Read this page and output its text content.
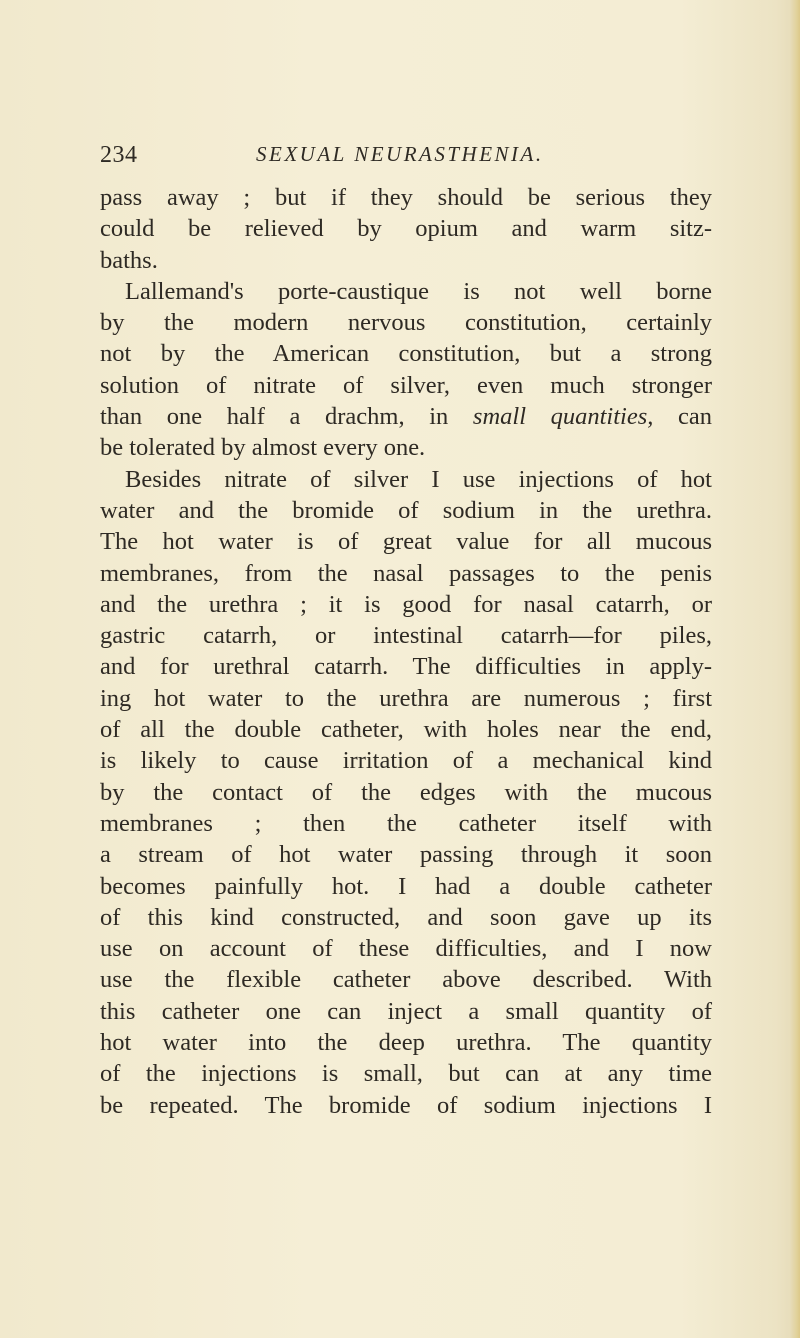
234	SEXUAL NEURASTHENIA.
pass away ; but if they should be serious they
could be relieved by opium and warm sitz-
baths.
Lallemand's porte-caustique is not well borne
by the modern nervous constitution, certainly
not by the American constitution, but a strong
solution of nitrate of silver, even much stronger
than one half a drachm, in small quantities, can
be tolerated by almost every one.
Besides nitrate of silver I use injections of hot
water and the bromide of sodium in the urethra.
The hot water is of great value for all mucous
membranes, from the nasal passages to the penis
and the urethra ; it is good for nasal catarrh, or
gastric catarrh, or intestinal catarrh—for piles,
and for urethral catarrh. The difficulties in apply-
ing hot water to the urethra are numerous ; first
of all the double catheter, with holes near the end,
is likely to cause irritation of a mechanical kind
by the contact of the edges with the mucous
membranes ; then the catheter itself with
a stream of hot water passing through it soon
becomes painfully hot. I had a double catheter
of this kind constructed, and soon gave up its
use on account of these difficulties, and I now
use the flexible catheter above described. With
this catheter one can inject a small quantity of
hot water into the deep urethra. The quantity
of the injections is small, but can at any time
be repeated. The bromide of sodium injections I
